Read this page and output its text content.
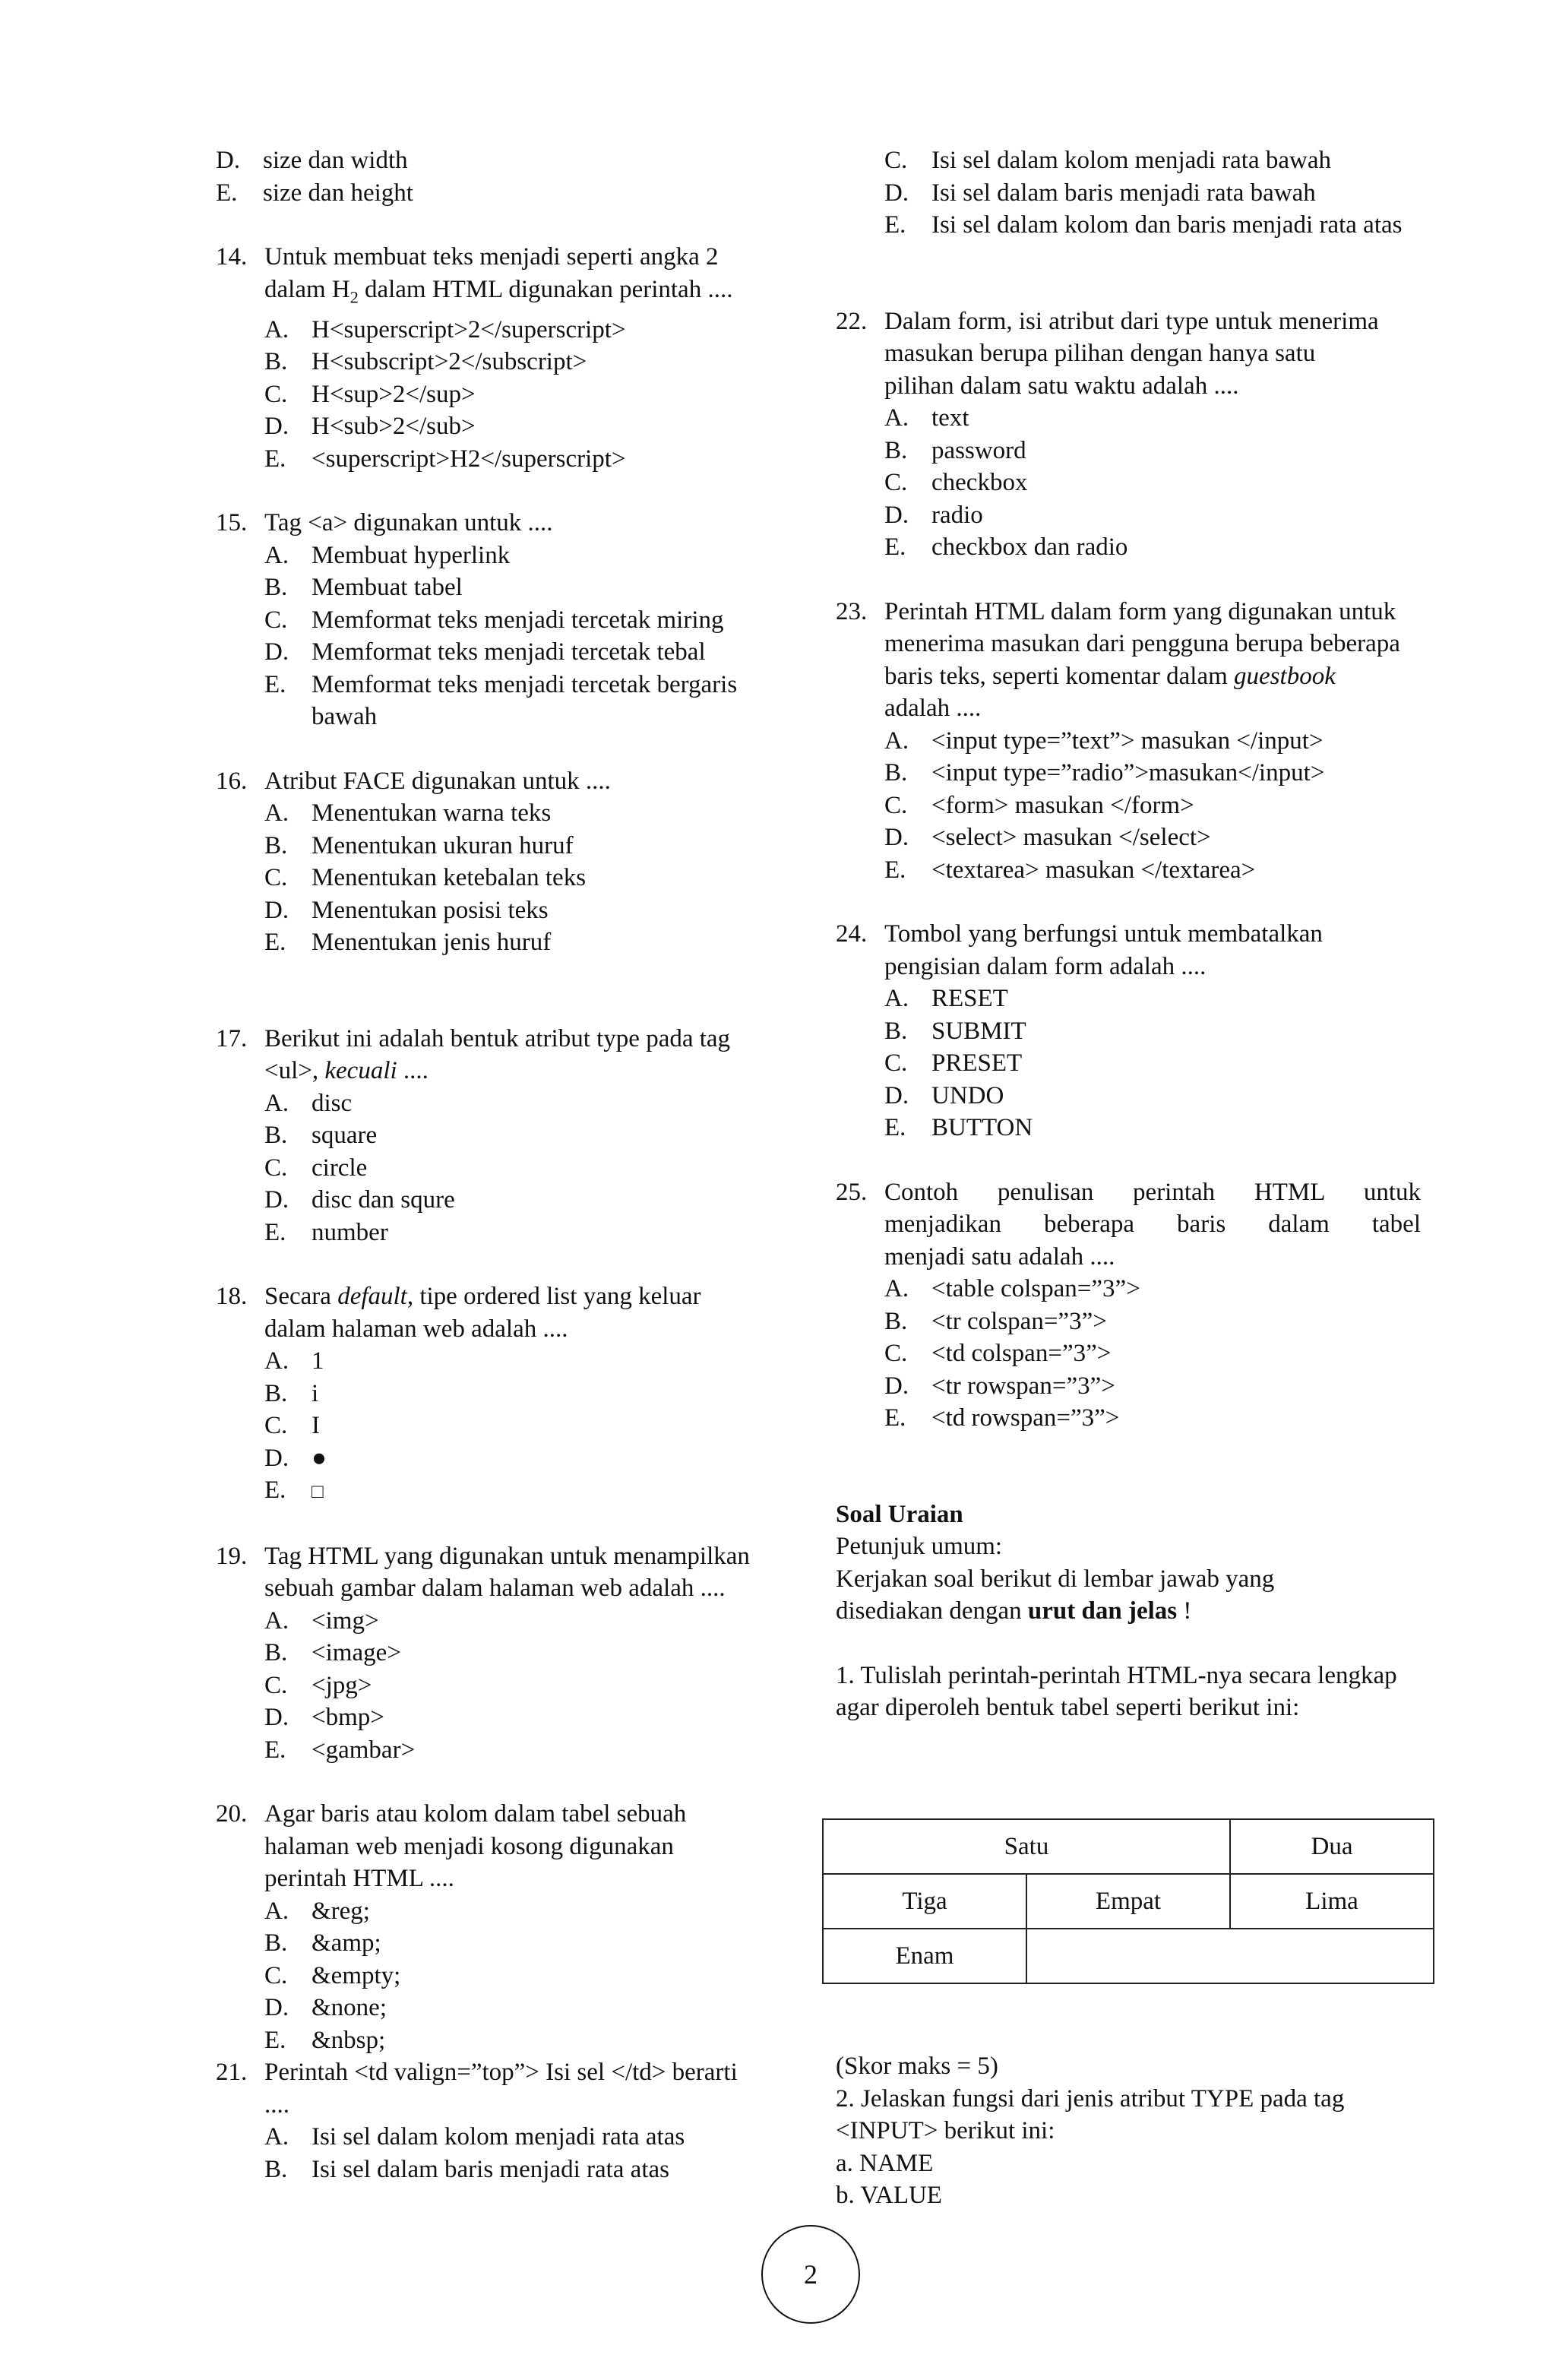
D. size dan width
E. size dan height
14. Untuk membuat teks menjadi seperti angka 2
dalam $H_2$ dalam HTML digunakan perintah ....
A. H<superscript>2</superscript>
B. H<subscript>2</subscript>
C. H<sup>2</sup>
D. H<sub>2</sub>
E. <superscript>H2</superscript>
15. Tag <a> digunakan untuk ....
A. Membuat hyperlink
B. Membuat tabel
C. Memformat teks menjadi tercetak miring
D. Memformat teks menjadi tercetak tebal
E. Memformat teks menjadi tercetak bergaris bawah
16. Atribut FACE digunakan untuk ....
A. Menentukan warna teks
B. Menentukan ukuran huruf
C. Menentukan ketebalan teks
D. Menentukan posisi teks
E. Menentukan jenis huruf
17. Berikut ini adalah bentuk atribut type pada tag
<ul>, kecuali ....
A. disc
B. square
C. circle
D. disc dan squre
E. number
18. Secara default, tipe ordered list yang keluar dalam halaman web adalah ....
A. 1
B. i
C. I
D. ●
E. □
19. Tag HTML yang digunakan untuk menampilkan sebuah gambar dalam halaman web adalah ....
A. <img>
B. <image>
C. <jpg>
D. <bmp>
E. <gambar>
20. Agar baris atau kolom dalam tabel sebuah halaman web menjadi kosong digunakan perintah HTML ....
A. &reg;
B. &amp;
C. &empty;
D. &none;
E. &nbsp;
21. Perintah <td valign=”top”> Isi sel </td> berarti ....
A. Isi sel dalam kolom menjadi rata atas
B. Isi sel dalam baris menjadi rata atas
C. Isi sel dalam kolom menjadi rata bawah
D. Isi sel dalam baris menjadi rata bawah
E. Isi sel dalam kolom dan baris menjadi rata atas
22. Dalam form, isi atribut dari type untuk menerima masukan berupa pilihan dengan hanya satu pilihan dalam satu waktu adalah ....
A. text
B. password
C. checkbox
D. radio
E. checkbox dan radio
23. Perintah HTML dalam form yang digunakan untuk menerima masukan dari pengguna berupa beberapa baris teks, seperti komentar dalam guestbook adalah ....
A. <input type=”text”> masukan </input>
B. <input type=”radio”>masukan</input>
C. <form> masukan </form>
D. <select> masukan </select>
E. <textarea> masukan </textarea>
24. Tombol yang berfungsi untuk membatalkan pengisian dalam form adalah ....
A. RESET
B. SUBMIT
C. PRESET
D. UNDO
E. BUTTON
25. Contoh penulisan perintah HTML untuk
menjadikan beberapa baris dalam tabel
menjadi satu adalah ....
A. <table colspan=”3”>
B. <tr colspan=”3”>
C. <td colspan=”3”>
D. <tr rowspan=”3”>
E. <td rowspan=”3”>
Soal Uraian
Petunjuk umum:
Kerjakan soal berikut di lembar jawab yang disediakan dengan urut dan jelas !
1. Tulislah perintah-perintah HTML-nya secara lengkap agar diperoleh bentuk tabel seperti berikut ini:
Satu		Dua
Tiga	Empat	Lima
Enam		
(Skor maks = 5)
2. Jelaskan fungsi dari jenis atribut TYPE pada tag <INPUT> berikut ini:
a. NAME
b. VALUE
2
